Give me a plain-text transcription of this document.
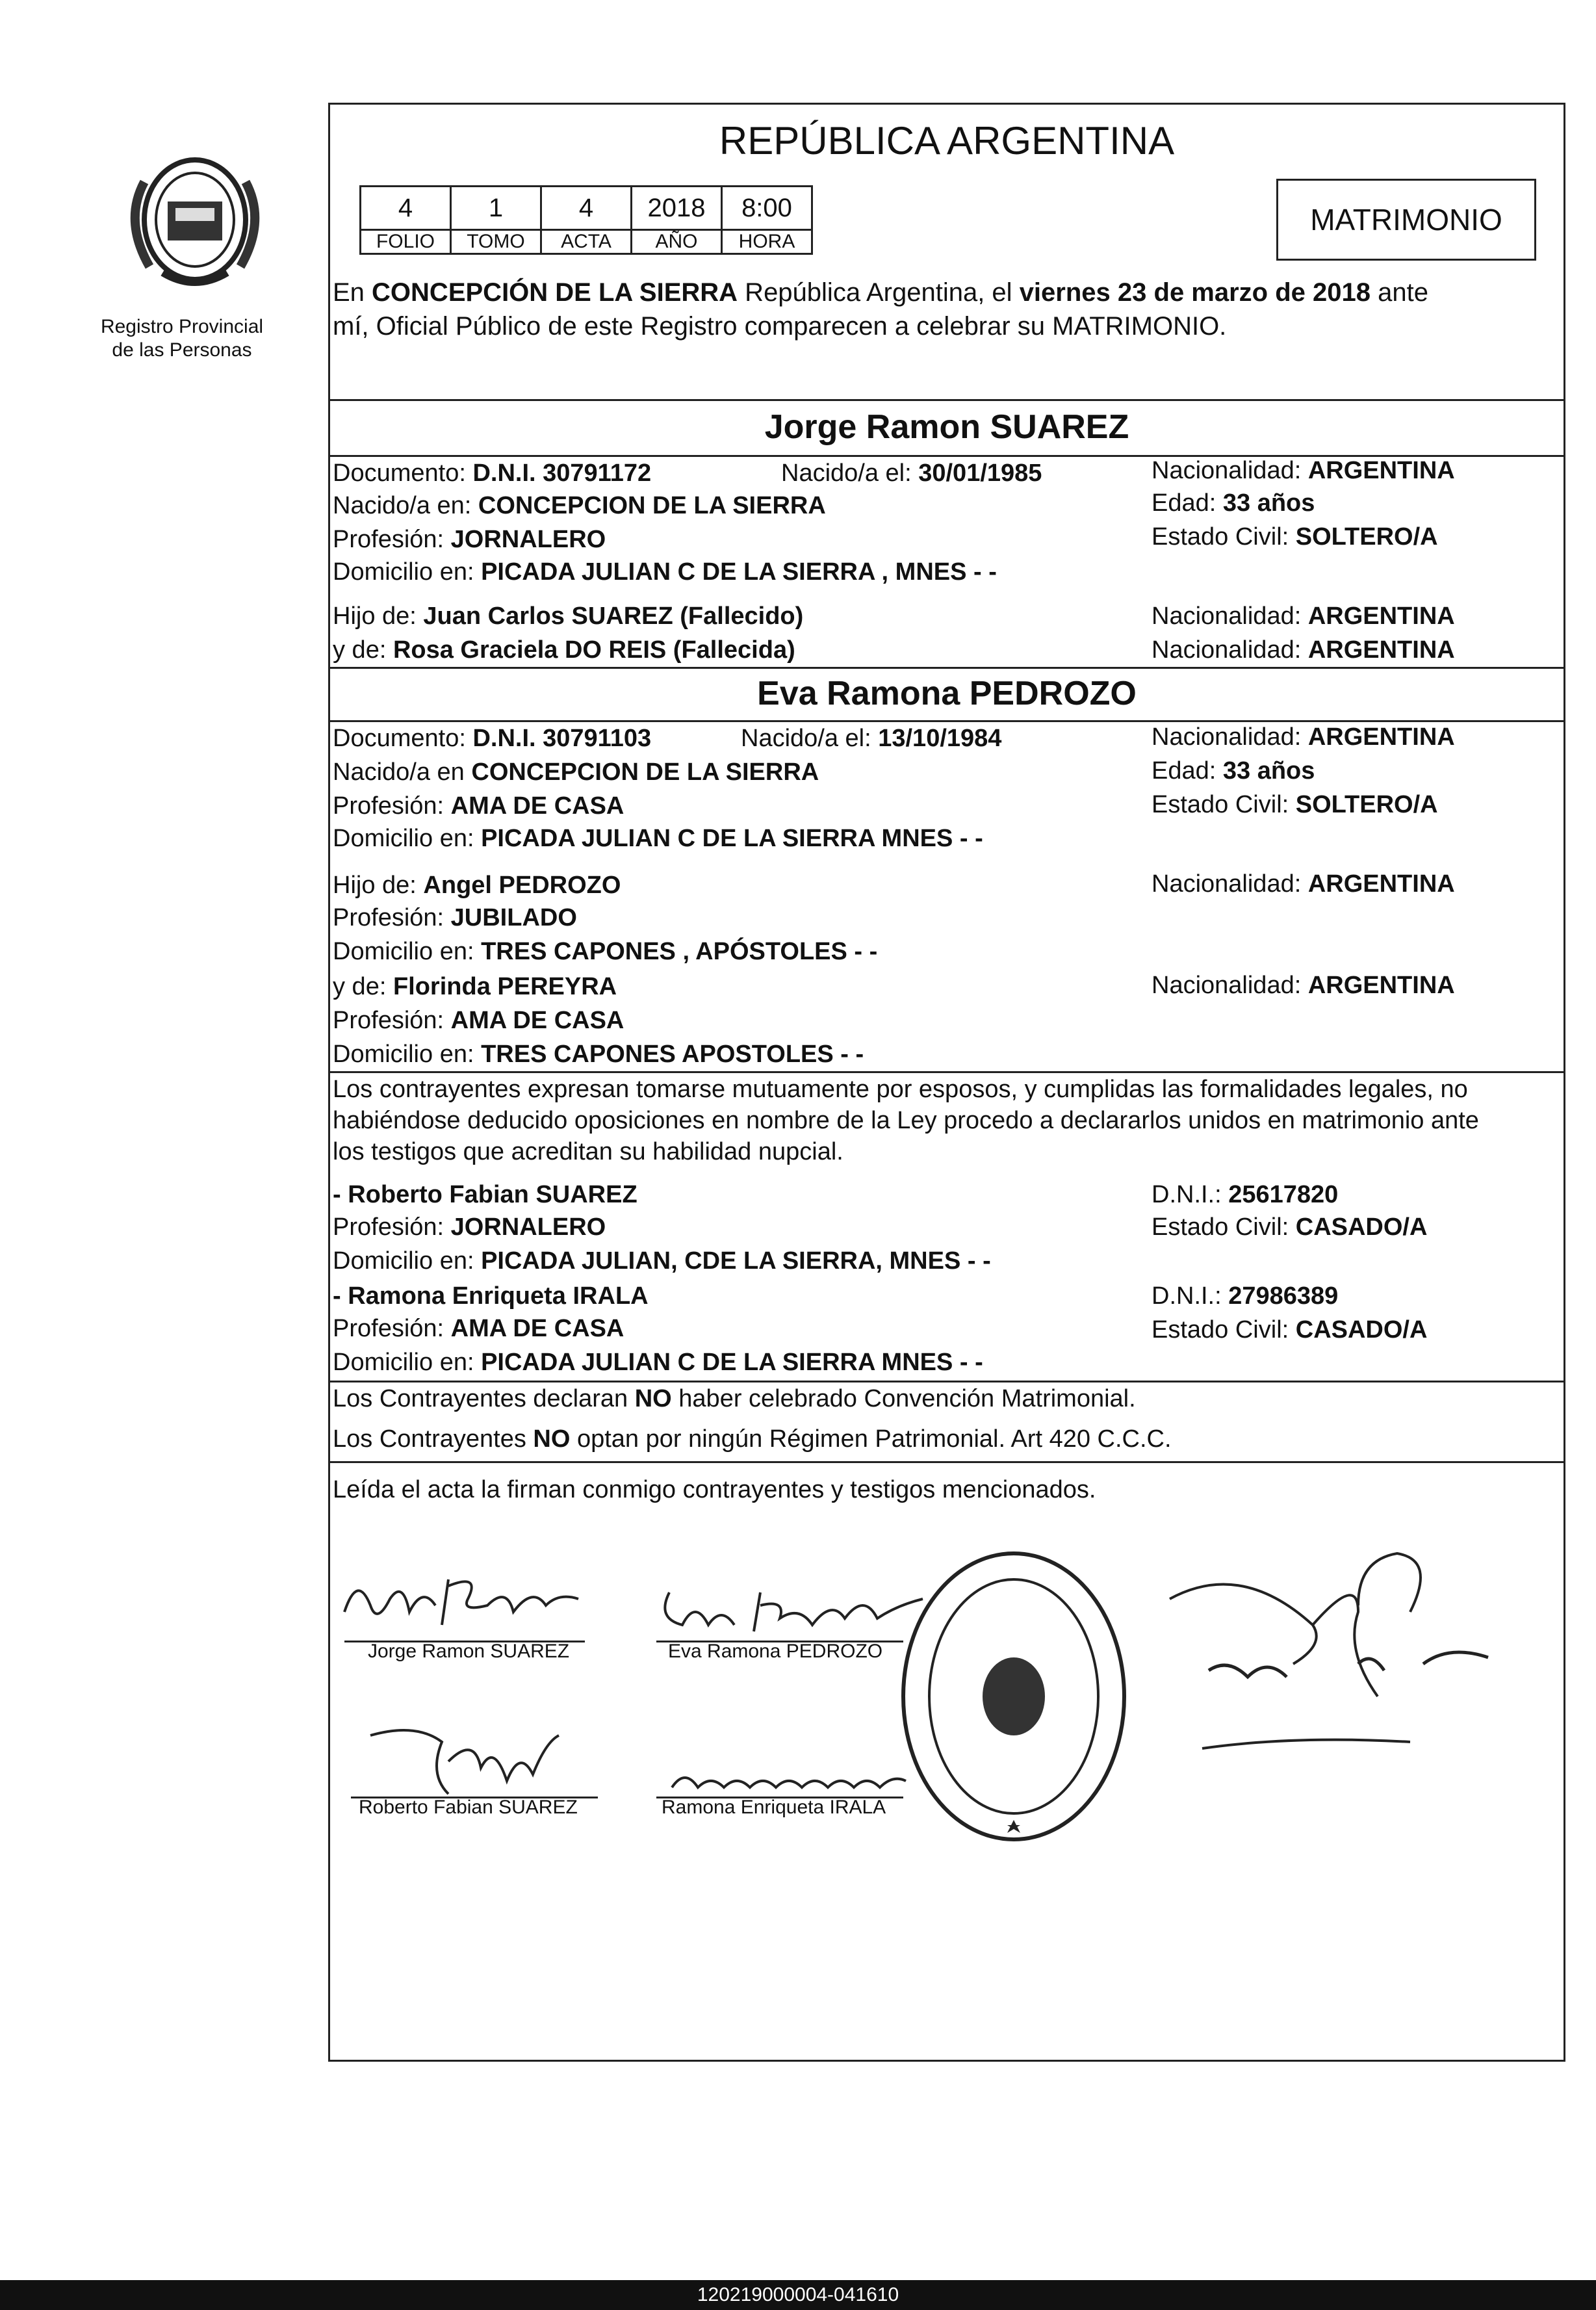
Registro Provincial
de las Personas
REPÚBLICA ARGENTINA
4	1	4	2018	8:00
FOLIO	TOMO	ACTA	AÑO	HORA
MATRIMONIO
En CONCEPCIÓN DE LA SIERRA República Argentina, el viernes 23 de marzo de 2018 ante
mí, Oficial Público de este Registro comparecen a celebrar su MATRIMONIO.
Jorge Ramon SUAREZ
Documento: D.N.I. 30791172	Nacido/a el: 30/01/1985	Nacionalidad: ARGENTINA
Nacido/a en: CONCEPCION DE LA SIERRA	Edad: 33 años
Profesión: JORNALERO	Estado Civil: SOLTERO/A
Domicilio en: PICADA JULIAN C DE LA SIERRA , MNES - -
Hijo de: Juan Carlos SUAREZ (Fallecido)	Nacionalidad: ARGENTINA
y de: Rosa Graciela DO REIS (Fallecida)	Nacionalidad: ARGENTINA
Eva Ramona PEDROZO
Documento: D.N.I. 30791103	Nacido/a el: 13/10/1984	Nacionalidad: ARGENTINA
Nacido/a en CONCEPCION DE LA SIERRA	Edad: 33 años
Profesión: AMA DE CASA	Estado Civil: SOLTERO/A
Domicilio en: PICADA JULIAN C DE LA SIERRA MNES - -
Hijo de: Angel PEDROZO	Nacionalidad: ARGENTINA
Profesión: JUBILADO
Domicilio en: TRES CAPONES , APÓSTOLES - -
y de: Florinda PEREYRA	Nacionalidad: ARGENTINA
Profesión: AMA DE CASA
Domicilio en: TRES CAPONES APOSTOLES - -
Los contrayentes expresan tomarse mutuamente por esposos, y cumplidas las formalidades legales, no
habiéndose deducido oposiciones en nombre de la Ley procedo a declararlos unidos en matrimonio ante
los testigos que acreditan su habilidad nupcial.
- Roberto Fabian SUAREZ	D.N.I.: 25617820
Profesión: JORNALERO	Estado Civil: CASADO/A
Domicilio en: PICADA JULIAN, CDE LA SIERRA, MNES - -
- Ramona Enriqueta IRALA	D.N.I.: 27986389
Profesión: AMA DE CASA	Estado Civil: CASADO/A
Domicilio en: PICADA JULIAN C DE LA SIERRA MNES - -
Los Contrayentes declaran NO haber celebrado Convención Matrimonial.
Los Contrayentes NO optan por ningún Régimen Patrimonial. Art 420 C.C.C.
Leída el acta la firman conmigo contrayentes y testigos mencionados.
Jorge Ramon SUAREZ	Eva Ramona PEDROZO
Roberto Fabian SUAREZ	Ramona Enriqueta IRALA
120219000004-041610
